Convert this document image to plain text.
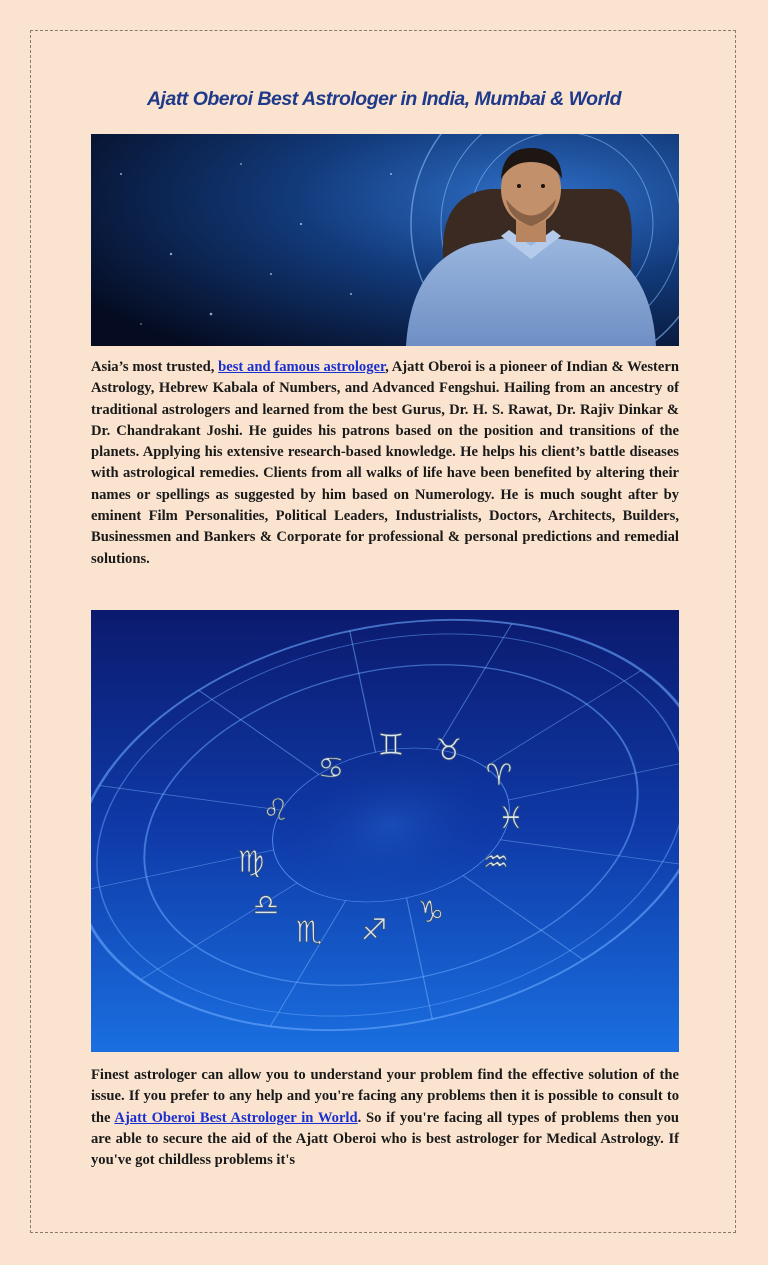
Ajatt Oberoi Best Astrologer in India, Mumbai & World

Asia’s most trusted, best and famous astrologer, Ajatt Oberoi is a pioneer of Indian & Western Astrology, Hebrew Kabala of Numbers, and Advanced Fengshui. Hailing from an ancestry of traditional astrologers and learned from the best Gurus, Dr. H. S. Rawat, Dr. Rajiv Dinkar & Dr. Chandrakant Joshi. He guides his patrons based on the position and transitions of the planets. Applying his extensive research-based knowledge. He helps his client’s battle diseases with astrological remedies. Clients from all walks of life have been benefited by altering their names or spellings as suggested by him based on Numerology. He is much sought after by eminent Film Personalities, Political Leaders, Industrialists, Doctors, Architects, Builders, Businessmen and Bankers & Corporate for professional & personal predictions and remedial solutions.

♊ ♉
♈
♓
♒
♑
♐
♏
♎
♍
♌
♋

Finest astrologer can allow you to understand your problem find the effective solution of the issue. If you prefer to any help and you're facing any problems then it is possible to consult to the Ajatt Oberoi Best Astrologer in World. So if you're facing all types of problems then you are able to secure the aid of the Ajatt Oberoi who is best astrologer for Medical Astrology. If you've got childless problems it's
